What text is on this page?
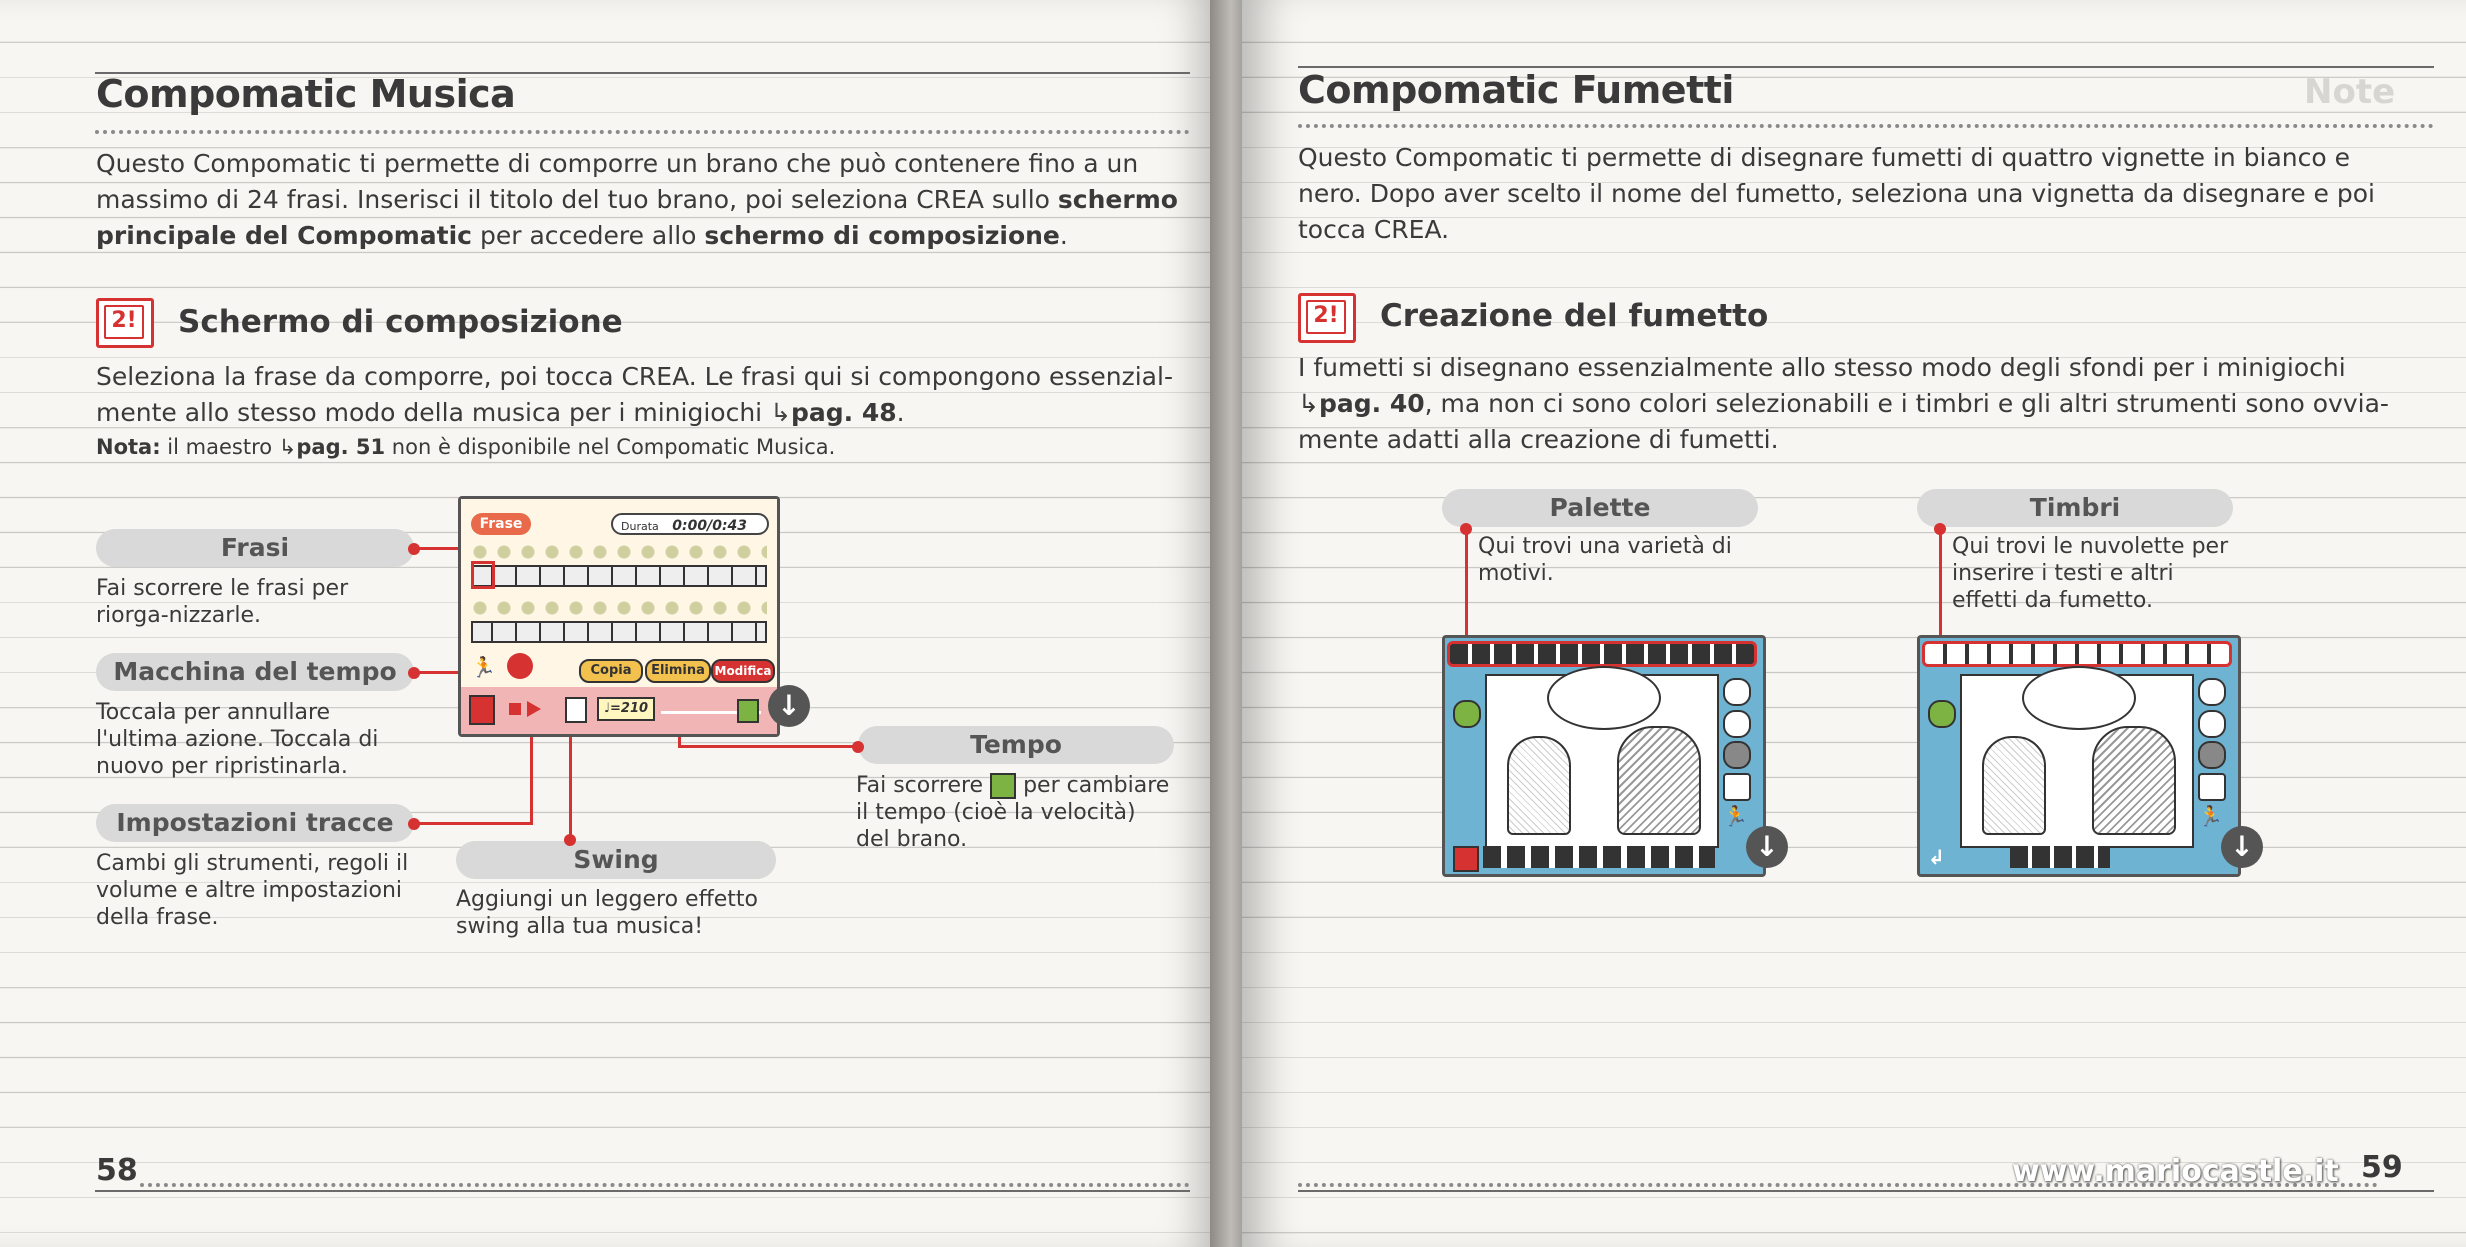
Compomatic Musica
Questo Compomatic ti permette di comporre un brano che può contenere fino a un
massimo di 24 frasi. Inserisci il titolo del tuo brano, poi seleziona CREA sullo schermo
principale del Compomatic per accedere allo schermo di composizione.
2! Schermo di composizione
Seleziona la frase da comporre, poi tocca CREA. Le frasi qui si compongono essenzial-
mente allo stesso modo della musica per i minigiochi ↳pag. 48.
Nota: il maestro ↳pag. 51 non è disponibile nel Compomatic Musica.
Frasi
Fai scorrere le frasi per riorga-nizzarle.
Macchina del tempo
Toccala per annullare l'ultima azione. Toccala di nuovo per ripristinarla.
Impostazioni tracce
Cambi gli strumenti, regoli il volume e altre impostazioni della frase.
Swing
Aggiungi un leggero effetto swing alla tua musica!
Tempo
Fai scorrere per cambiare il tempo (cioè la velocità) del brano.
Frase	Durata 0:00/0:43
🏃	Copia	Elimina Modifica
♩=210	↓
58
Note
Compomatic Fumetti
Questo Compomatic ti permette di disegnare fumetti di quattro vignette in bianco e
nero. Dopo aver scelto il nome del fumetto, seleziona una vignetta da disegnare e poi
tocca CREA.
2! Creazione del fumetto
I fumetti si disegnano essenzialmente allo stesso modo degli sfondi per i minigiochi
↳pag. 40, ma non ci sono colori selezionabili e i timbri e gli altri strumenti sono ovvia-
mente adatti alla creazione di fumetti.
Palette
Qui trovi una varietà di motivi.
Timbri
Qui trovi le nuvolette per inserire i testi e altri effetti da fumetto.
🏃
↓
🏃
↲	↓
www.mariocastle.it 59
